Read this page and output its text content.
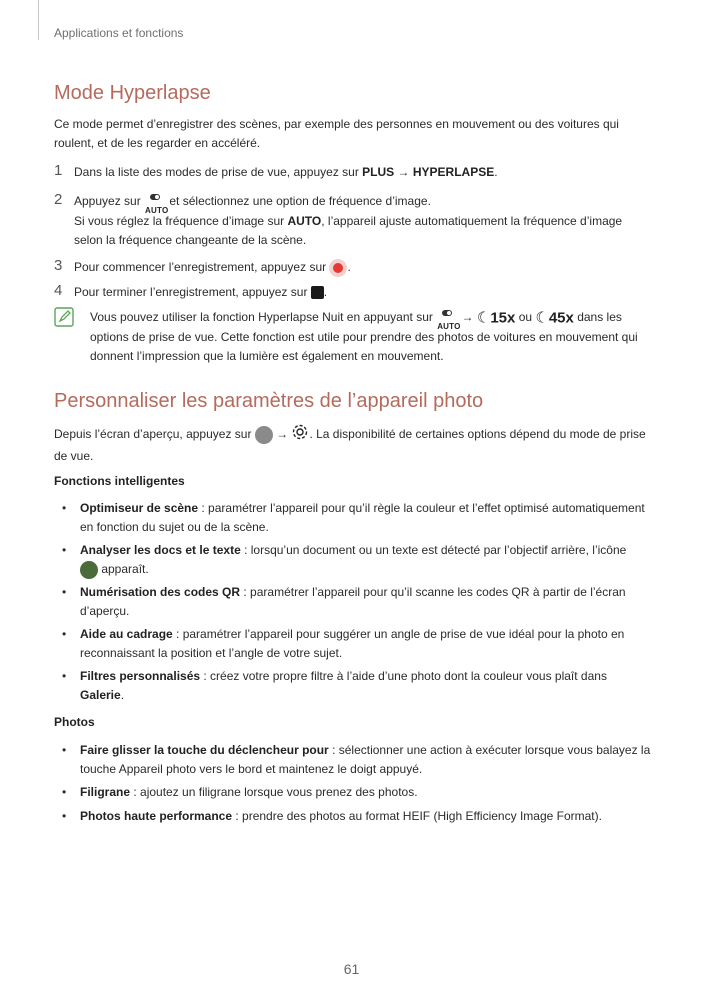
Applications et fonctions
Mode Hyperlapse

Ce mode permet d’enregistrer des scènes, par exemple des personnes en mouvement ou des voitures qui roulent, et de les regarder en accéléré.

1 Dans la liste des modes de prise de vue, appuyez sur PLUS → HYPERLAPSE.
2 Appuyez sur
AUTO
et sélectionnez une option de fréquence d’image.
Si vous réglez la fréquence d’image sur AUTO, l’appareil ajuste automatiquement la fréquence d’image selon la fréquence changeante de la scène.
3 Pour commencer l’enregistrement, appuyez sur .
4 Pour terminer l’enregistrement, appuyez sur .

Vous pouvez utiliser la fonction Hyperlapse Nuit en appuyant sur
AUTO
→ ☾15x ou ☾45x dans les options de prise de vue. Cette fonction est utile pour prendre des photos de voitures en mouvement qui donnent l’impression que la lumière est également en mouvement.

Personnaliser les paramètres de l’appareil photo

Depuis l’écran d’aperçu, appuyez sur  → . La disponibilité de certaines options dépend du mode de prise de vue.

Fonctions intelligentes
• Optimiseur de scène : paramétrer l’appareil pour qu’il règle la couleur et l’effet optimisé automatiquement en fonction du sujet ou de la scène.
• Analyser les docs et le texte : lorsqu’un document ou un texte est détecté par l’objectif arrière, l’icône
apparaît.
• Numérisation des codes QR : paramétrer l’appareil pour qu’il scanne les codes QR à partir de l’écran d’aperçu.
• Aide au cadrage : paramétrer l’appareil pour suggérer un angle de prise de vue idéal pour la photo en reconnaissant la position et l’angle de votre sujet.
• Filtres personnalisés : créez votre propre filtre à l’aide d’une photo dont la couleur vous plaît dans Galerie.
Photos
• Faire glisser la touche du déclencheur pour : sélectionner une action à exécuter lorsque vous balayez la touche Appareil photo vers le bord et maintenez le doigt appuyé.
• Filigrane : ajoutez un filigrane lorsque vous prenez des photos.
• Photos haute performance : prendre des photos au format HEIF (High Efficiency Image Format).
61
